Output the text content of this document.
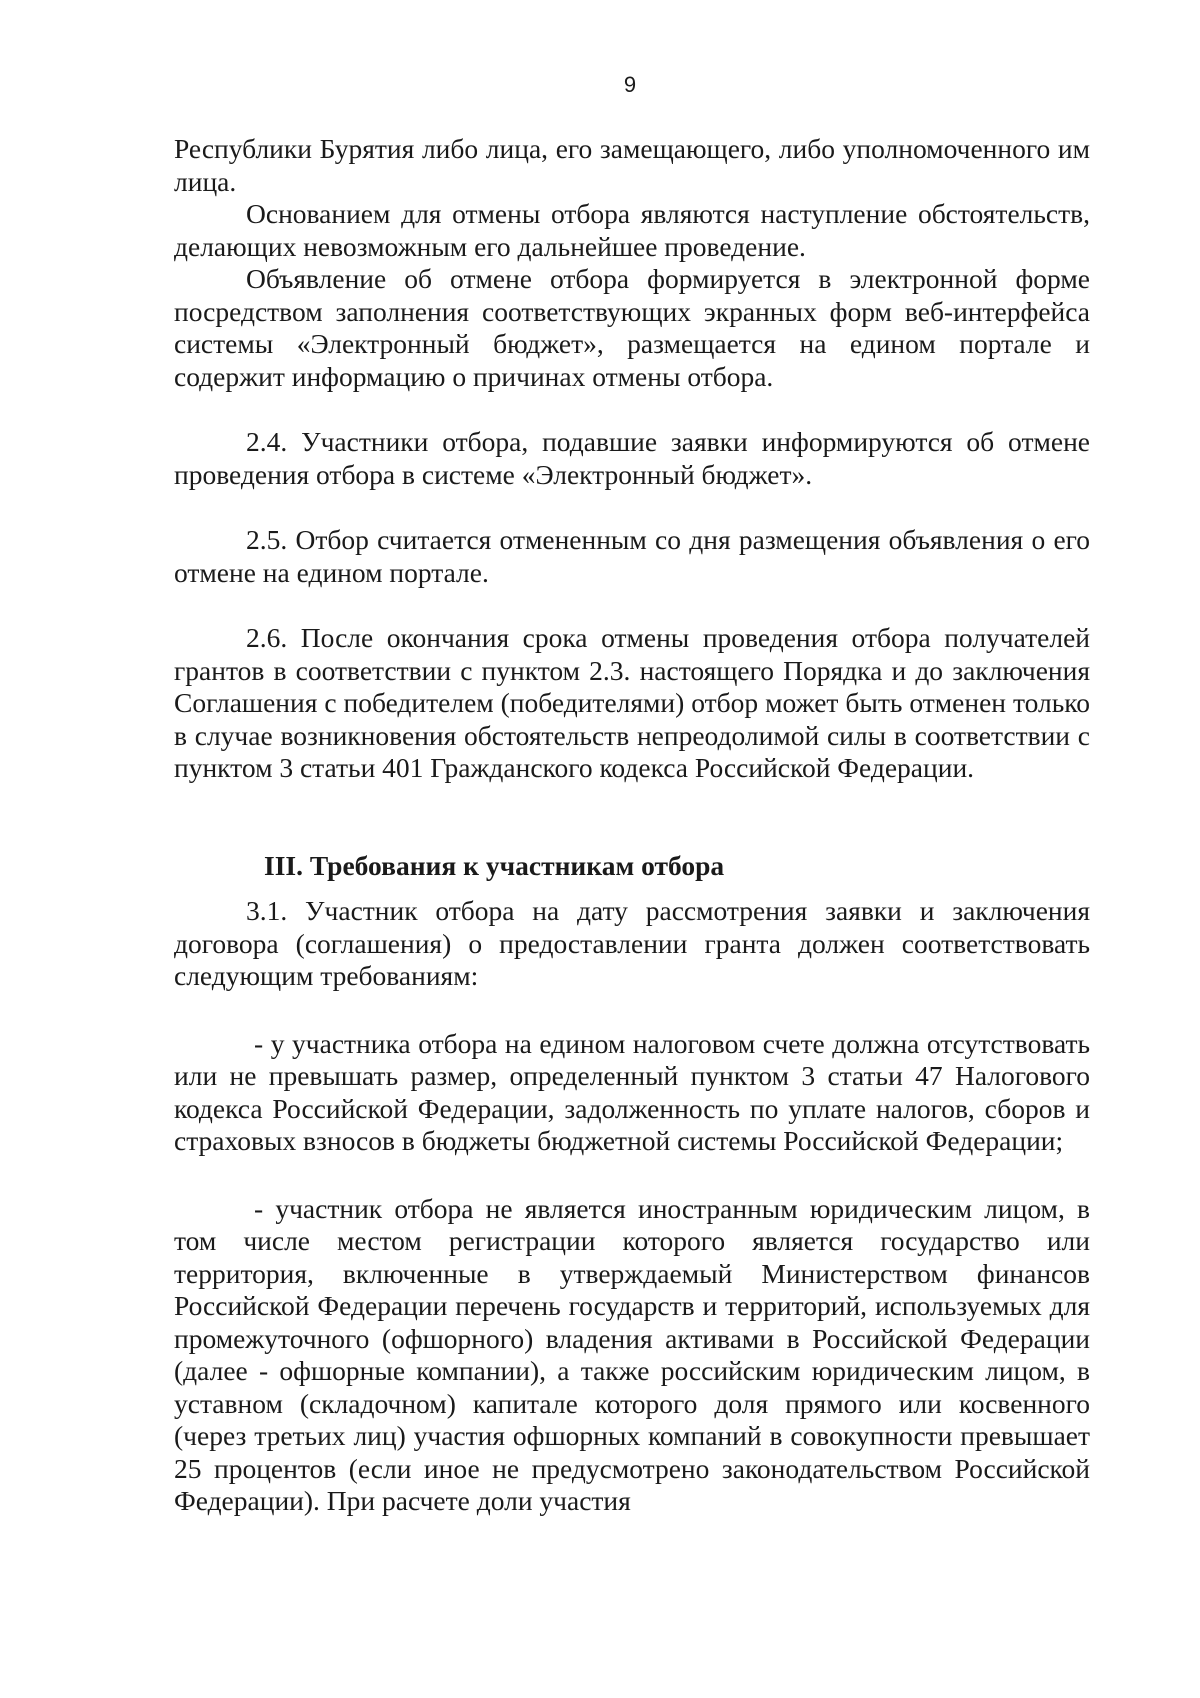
9

Республики Бурятия либо лица, его замещающего, либо уполномоченного им лица.

Основанием для отмены отбора являются наступление обстоятельств, делающих невозможным его дальнейшее проведение.

Объявление об отмене отбора формируется в электронной форме посредством заполнения соответствующих экранных форм веб-интерфейса системы «Электронный бюджет», размещается на едином портале и содержит информацию о причинах отмены отбора.

2.4. Участники отбора, подавшие заявки информируются об отмене проведения отбора в системе «Электронный бюджет».

2.5. Отбор считается отмененным со дня размещения объявления о его отмене на едином портале.

2.6. После окончания срока отмены проведения отбора получателей грантов в соответствии с пунктом 2.3. настоящего Порядка и до заключения Соглашения с победителем (победителями) отбор может быть отменен только в случае возникновения обстоятельств непреодолимой силы в соответствии с пунктом 3 статьи 401 Гражданского кодекса Российской Федерации.

III. Требования к участникам отбора

3.1. Участник отбора на дату рассмотрения заявки и заключения договора (соглашения) о предоставлении гранта должен соответствовать следующим требованиям:

- у участника отбора на едином налоговом счете должна отсутствовать или не превышать размер, определенный пунктом 3 статьи 47 Налогового кодекса Российской Федерации, задолженность по уплате налогов, сборов и страховых взносов в бюджеты бюджетной системы Российской Федерации;

- участник отбора не является иностранным юридическим лицом, в том числе местом регистрации которого является государство или территория, включенные в утверждаемый Министерством финансов Российской Федерации перечень государств и территорий, используемых для промежуточного (офшорного) владения активами в Российской Федерации (далее - офшорные компании), а также российским юридическим лицом, в уставном (складочном) капитале которого доля прямого или косвенного (через третьих лиц) участия офшорных компаний в совокупности превышает 25 процентов (если иное не предусмотрено законодательством Российской Федерации). При расчете доли участия
